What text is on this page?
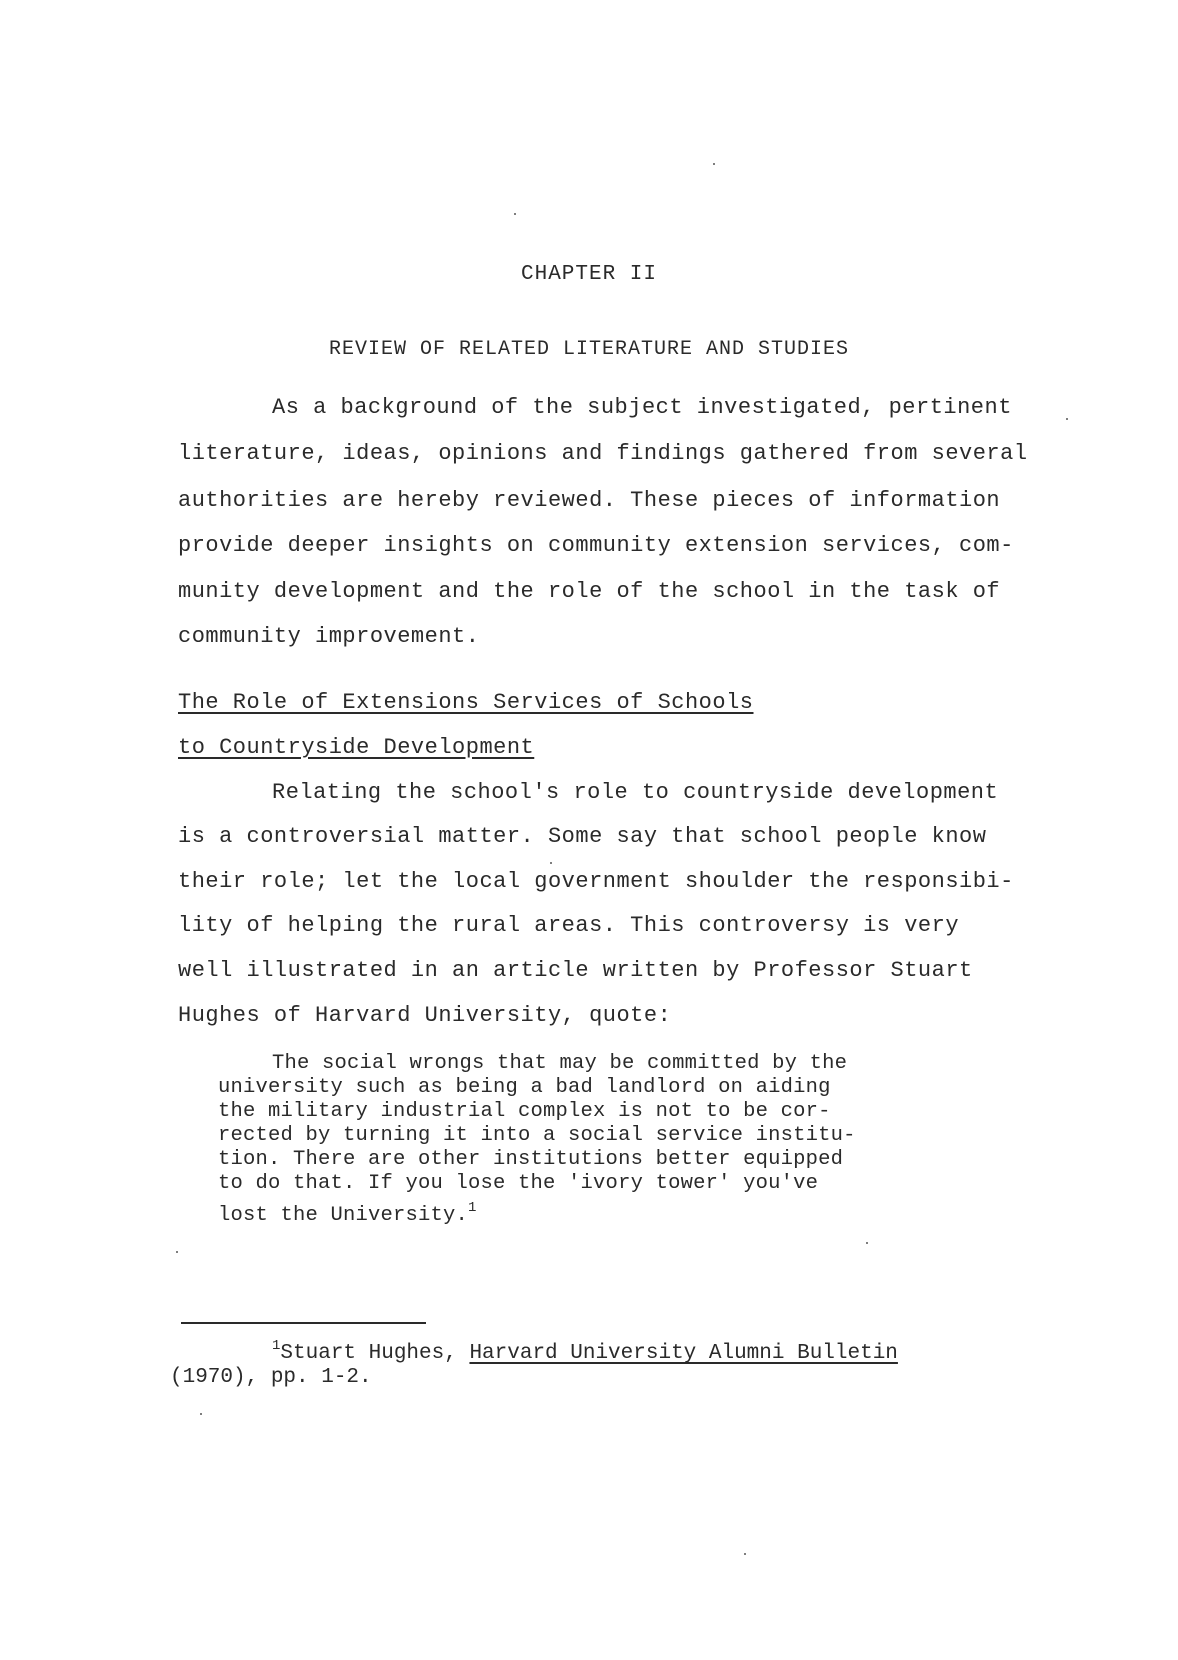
CHAPTER II
REVIEW OF RELATED LITERATURE AND STUDIES
As a background of the subject investigated, pertinent
literature, ideas, opinions and findings gathered from several
authorities are hereby reviewed. These pieces of information
provide deeper insights on community extension services, com-
munity development and the role of the school in the task of
community improvement.
The Role of Extensions Services of Schools
to Countryside Development
Relating the school's role to countryside development
is a controversial matter. Some say that school people know
their role; let the local government shoulder the responsibi-
lity of helping the rural areas. This controversy is very
well illustrated in an article written by Professor Stuart
Hughes of Harvard University, quote:
The social wrongs that may be committed by the
university such as being a bad landlord on aiding
the military industrial complex is not to be cor-
rected by turning it into a social service institu-
tion. There are other institutions better equipped
to do that. If you lose the 'ivory tower' you've
lost the University.$^1$
$^1$Stuart Hughes, Harvard University Alumni Bulletin
(1970), pp. 1-2.
